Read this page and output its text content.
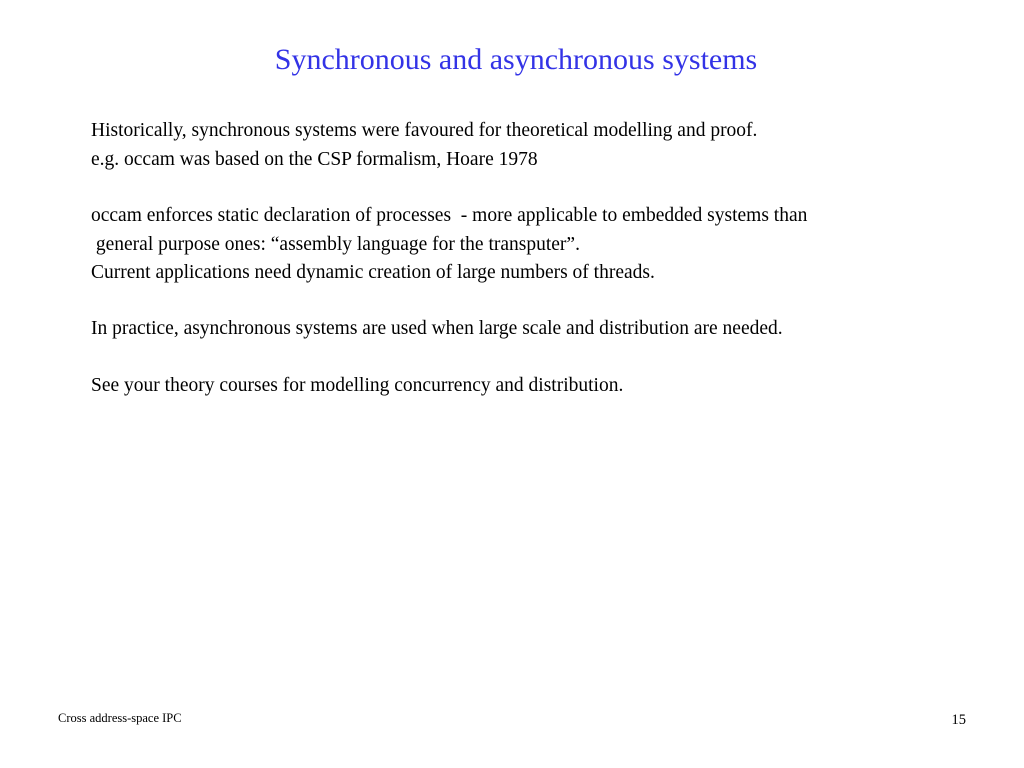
Synchronous and asynchronous systems
Historically, synchronous systems were favoured for theoretical modelling and proof.
e.g. occam was based on the CSP formalism, Hoare 1978
occam enforces static declaration of processes  - more applicable to embedded systems than
general purpose ones: “assembly language for the transputer”.
Current applications need dynamic creation of large numbers of threads.
In practice, asynchronous systems are used when large scale and distribution are needed.
See your theory courses for modelling concurrency and distribution.
Cross address-space IPC	15
